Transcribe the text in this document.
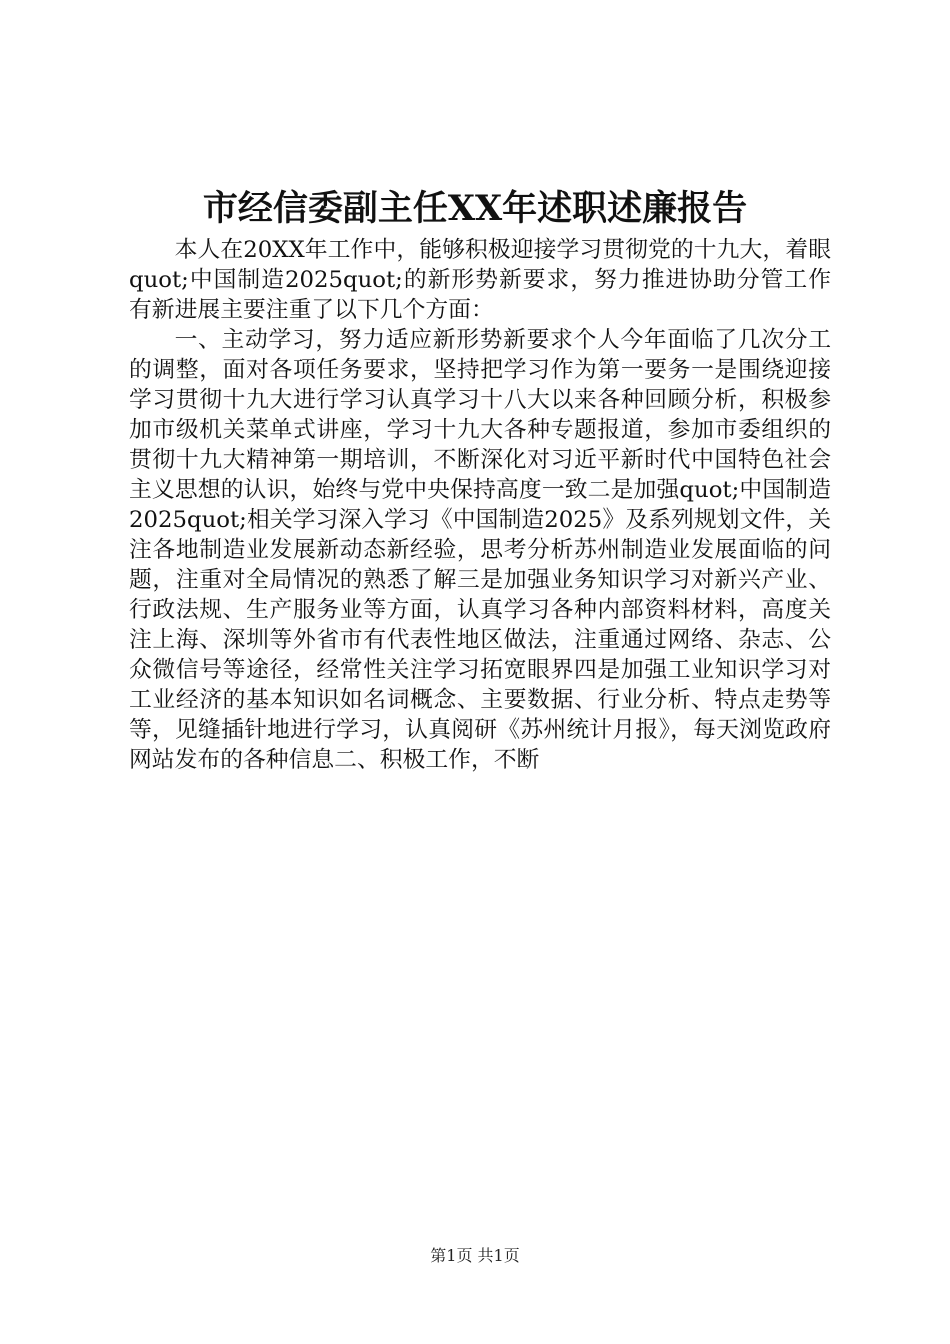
市经信委副主任XX年述职述廉报告

本人在20XX年工作中，能够积极迎接学习贯彻党的十九大，着眼quot;中国制造2025quot;的新形势新要求，努力推进协助分管工作有新进展主要注重了以下几个方面：

一、主动学习，努力适应新形势新要求个人今年面临了几次分工的调整，面对各项任务要求，坚持把学习作为第一要务一是围绕迎接学习贯彻十九大进行学习认真学习十八大以来各种回顾分析，积极参加市级机关菜单式讲座，学习十九大各种专题报道，参加市委组织的贯彻十九大精神第一期培训，不断深化对习近平新时代中国特色社会主义思想的认识，始终与党中央保持高度一致二是加强quot;中国制造2025quot;相关学习深入学习《中国制造2025》及系列规划文件，关注各地制造业发展新动态新经验，思考分析苏州制造业发展面临的问题，注重对全局情况的熟悉了解三是加强业务知识学习对新兴产业、行政法规、生产服务业等方面，认真学习各种内部资料材料，高度关注上海、深圳等外省市有代表性地区做法，注重通过网络、杂志、公众微信号等途径，经常性关注学习拓宽眼界四是加强工业知识学习对工业经济的基本知识如名词概念、主要数据、行业分析、特点走势等等，见缝插针地进行学习，认真阅研《苏州统计月报》，每天浏览政府网站发布的各种信息二、积极工作，不断

第1页 共1页
